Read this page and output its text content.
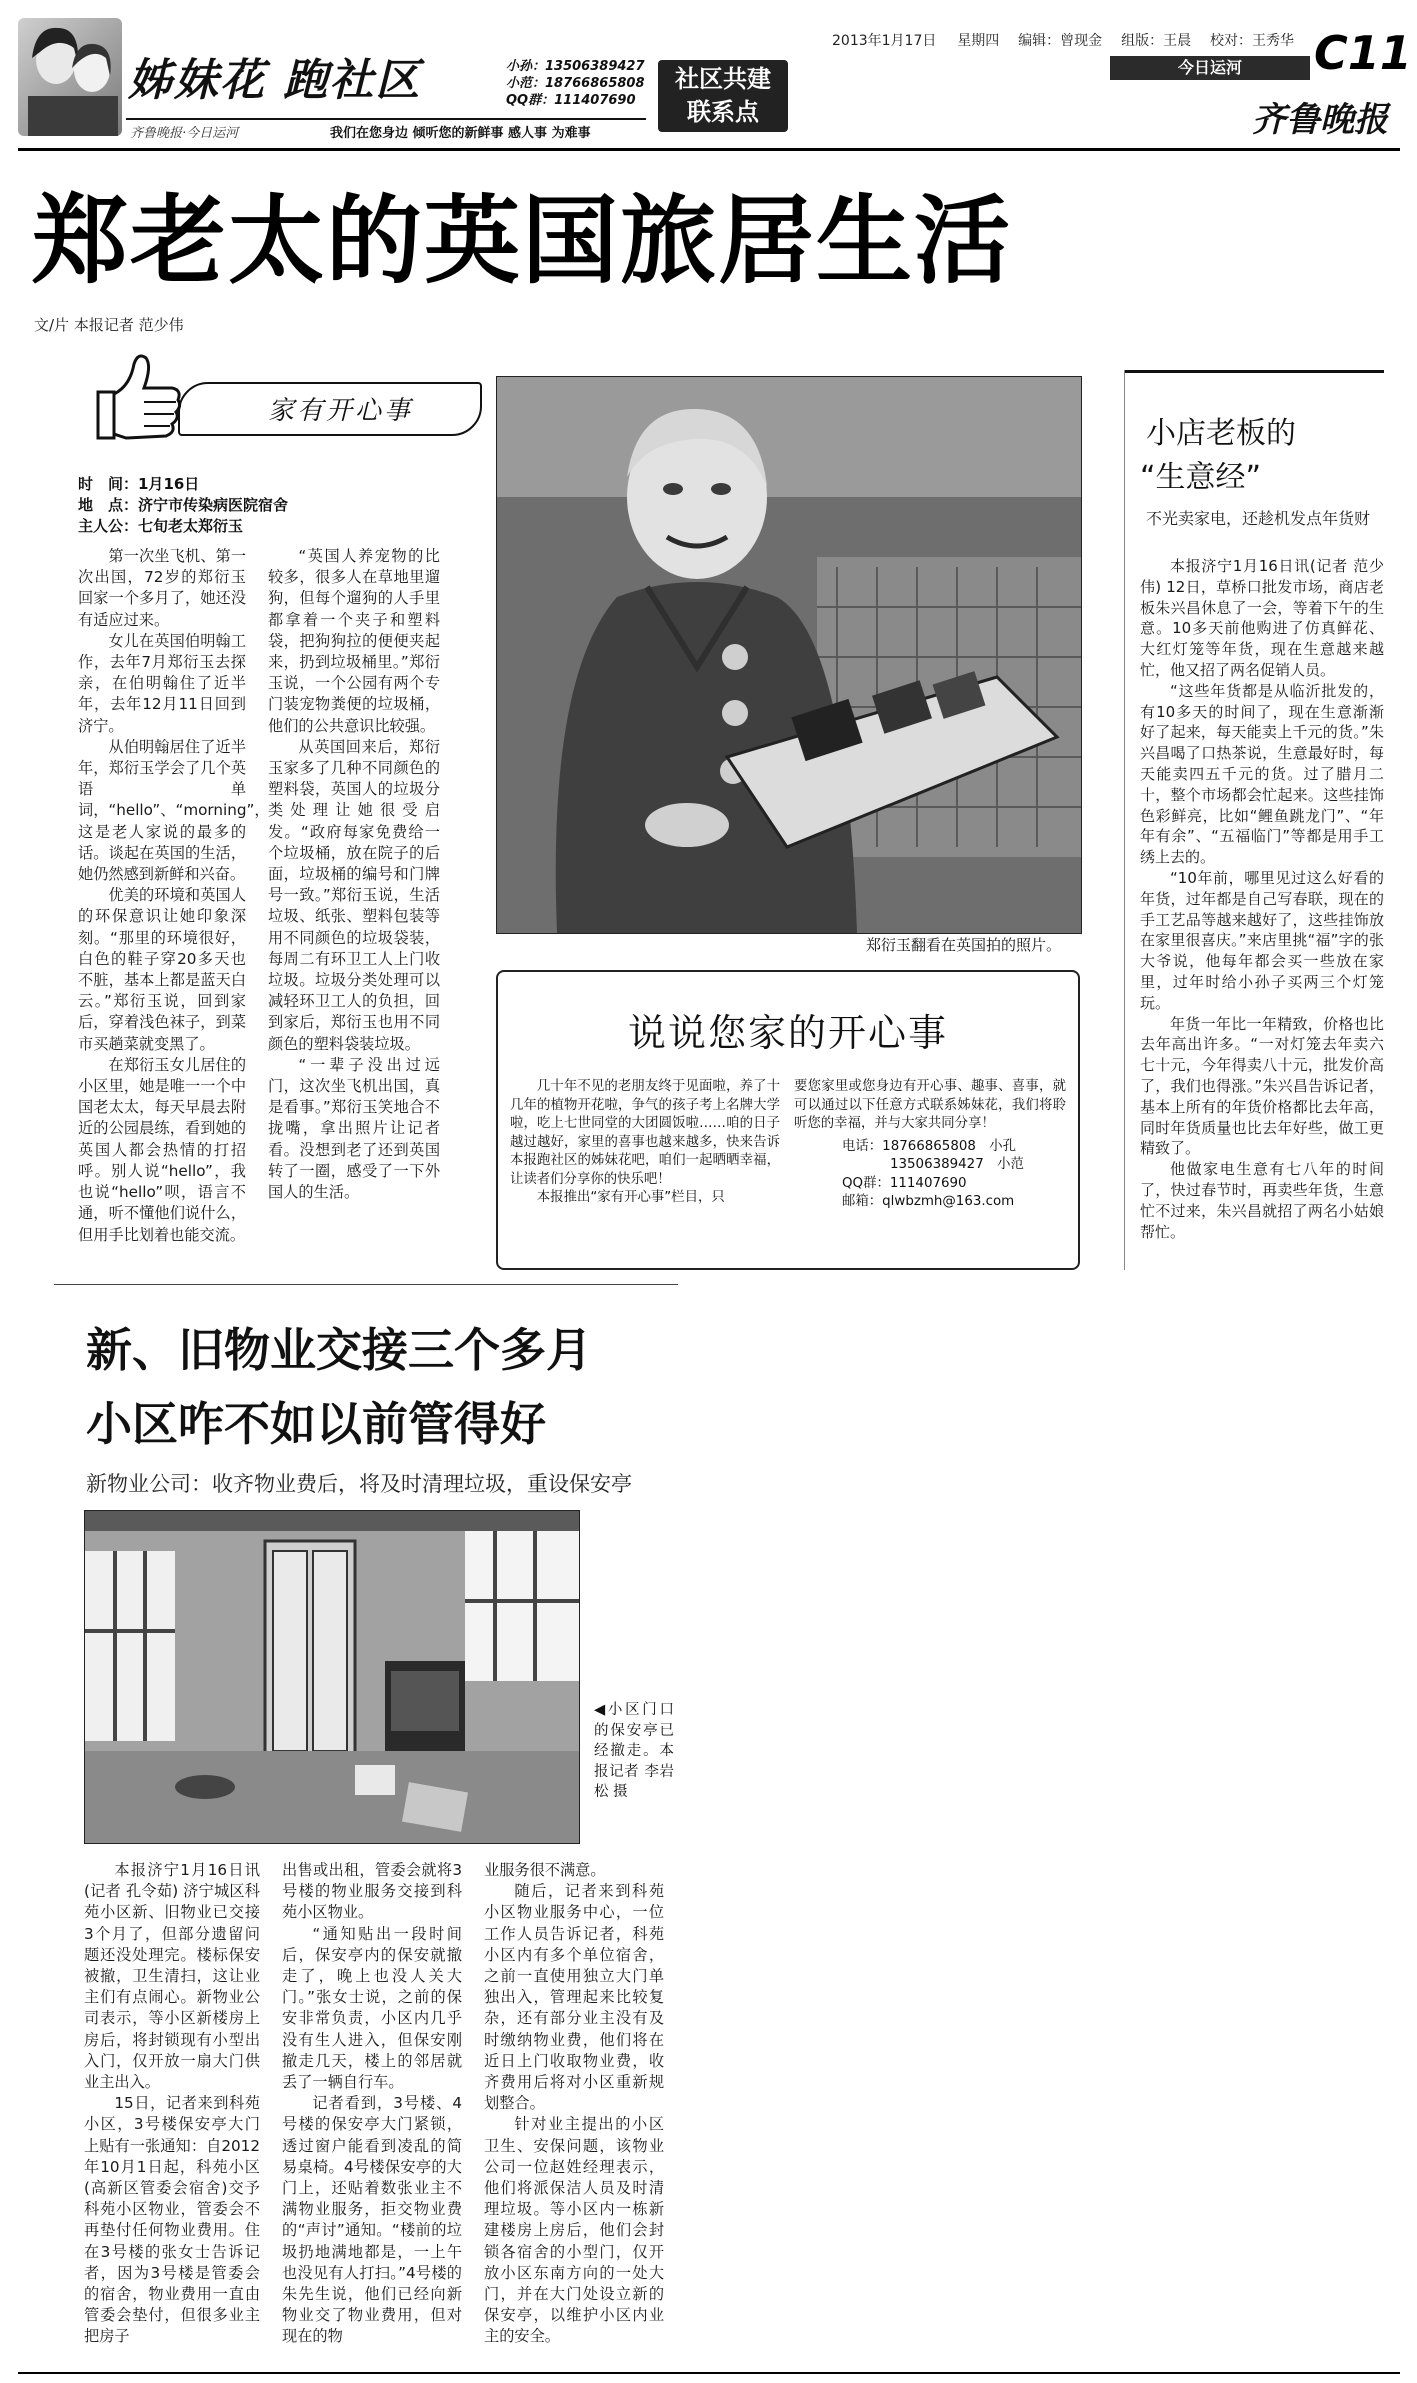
姊妹花 跑社区
齐鲁晚报·今日运河	我们在您身边 倾听您的新鲜事 感人事 为难事
小孙：13506389427
小范：18766865808
QQ群：111407690
社区共建
联系点
2013年1月17日 星期四 编辑：曾现金 组版：王晨 校对：王秀华
今日运河	C11
齐鲁晚报
郑老太的英国旅居生活
文/片 本报记者 范少伟
家有开心事
时　间：1月16日
地　点：济宁市传染病医院宿舍
主人公：七旬老太郑衍玉

第一次坐飞机、第一次出国，72岁的郑衍玉回家一个多月了，她还没有适应过来。

女儿在英国伯明翰工作，去年7月郑衍玉去探亲，在伯明翰住了近半年，去年12月11日回到济宁。

从伯明翰居住了近半年，郑衍玉学会了几个英语单词，“hello”、“morning”，这是老人家说的最多的话。谈起在英国的生活，她仍然感到新鲜和兴奋。

优美的环境和英国人的环保意识让她印象深刻。“那里的环境很好，白色的鞋子穿20多天也不脏，基本上都是蓝天白云。”郑衍玉说，回到家后，穿着浅色袜子，到菜市买趟菜就变黑了。

在郑衍玉女儿居住的小区里，她是唯一一个中国老太太，每天早晨去附近的公园晨练，看到她的英国人都会热情的打招呼。别人说“hello”，我也说“hello”呗，语言不通，听不懂他们说什么，但用手比划着也能交流。

“英国人养宠物的比较多，很多人在草地里遛狗，但每个遛狗的人手里都拿着一个夹子和塑料袋，把狗狗拉的便便夹起来，扔到垃圾桶里。”郑衍玉说，一个公园有两个专门装宠物粪便的垃圾桶，他们的公共意识比较强。

从英国回来后，郑衍玉家多了几种不同颜色的塑料袋，英国人的垃圾分类处理让她很受启发。“政府每家免费给一个垃圾桶，放在院子的后面，垃圾桶的编号和门牌号一致。”郑衍玉说，生活垃圾、纸张、塑料包装等用不同颜色的垃圾袋装，每周二有环卫工人上门收垃圾。垃圾分类处理可以减轻环卫工人的负担，回到家后，郑衍玉也用不同颜色的塑料袋装垃圾。

“一辈子没出过远门，这次坐飞机出国，真是看事。”郑衍玉笑地合不拢嘴，拿出照片让记者看。没想到老了还到英国转了一圈，感受了一下外国人的生活。

郑衍玉翻看在英国拍的照片。
说说您家的开心事
几十年不见的老朋友终于见面啦，养了十几年的植物开花啦，争气的孩子考上名牌大学啦，吃上七世同堂的大团圆饭啦……咱的日子越过越好，家里的喜事也越来越多，快来告诉本报跑社区的姊妹花吧，咱们一起晒晒幸福，让读者们分享你的快乐吧！
本报推出“家有开心事”栏目，只
要您家里或您身边有开心事、趣事、喜事，就可以通过以下任意方式联系姊妹花，我们将聆听您的幸福，并与大家共同分享！
电话：18766865808　小孔
13506389427　小范
QQ群：111407690
邮箱：qlwbzmh@163.com
小店老板的
“生意经”
不光卖家电，还趁机发点年货财

本报济宁1月16日讯(记者 范少伟) 12日，草桥口批发市场，商店老板朱兴昌休息了一会，等着下午的生意。10多天前他购进了仿真鲜花、大红灯笼等年货，现在生意越来越忙，他又招了两名促销人员。

“这些年货都是从临沂批发的，有10多天的时间了，现在生意渐渐好了起来，每天能卖上千元的货。”朱兴昌喝了口热茶说，生意最好时，每天能卖四五千元的货。过了腊月二十，整个市场都会忙起来。这些挂饰色彩鲜亮，比如“鲤鱼跳龙门”、“年年有余”、“五福临门”等都是用手工绣上去的。

“10年前，哪里见过这么好看的年货，过年都是自己写春联，现在的手工艺品等越来越好了，这些挂饰放在家里很喜庆。”来店里挑“福”字的张大爷说，他每年都会买一些放在家里，过年时给小孙子买两三个灯笼玩。

年货一年比一年精致，价格也比去年高出许多。“一对灯笼去年卖六七十元，今年得卖八十元，批发价高了，我们也得涨。”朱兴昌告诉记者，基本上所有的年货价格都比去年高，同时年货质量也比去年好些，做工更精致了。

他做家电生意有七八年的时间了，快过春节时，再卖些年货，生意忙不过来，朱兴昌就招了两名小姑娘帮忙。

新、旧物业交接三个多月
小区咋不如以前管得好
新物业公司：收齐物业费后，将及时清理垃圾，重设保安亭
◀小区门口的保安亭已经撤走。本报记者 李岩松 摄

本报济宁1月16日讯(记者 孔令茹) 济宁城区科苑小区新、旧物业已交接3个月了，但部分遗留问题还没处理完。楼标保安被撤，卫生清扫，这让业主们有点闹心。新物业公司表示，等小区新楼房上房后，将封锁现有小型出入门，仅开放一扇大门供业主出入。

15日，记者来到科苑小区，3号楼保安亭大门上贴有一张通知：自2012年10月1日起，科苑小区(高新区管委会宿舍)交予科苑小区物业，管委会不再垫付任何物业费用。住在3号楼的张女士告诉记者，因为3号楼是管委会的宿舍，物业费用一直由管委会垫付，但很多业主把房子

出售或出租，管委会就将3号楼的物业服务交接到科苑小区物业。

“通知贴出一段时间后，保安亭内的保安就撤走了，晚上也没人关大门。”张女士说，之前的保安非常负责，小区内几乎没有生人进入，但保安刚撤走几天，楼上的邻居就丢了一辆自行车。

记者看到，3号楼、4号楼的保安亭大门紧锁，透过窗户能看到凌乱的简易桌椅。4号楼保安亭的大门上，还贴着数张业主不满物业服务，拒交物业费的“声讨”通知。“楼前的垃圾扔地满地都是，一上午也没见有人打扫。”4号楼的朱先生说，他们已经向新物业交了物业费用，但对现在的物

业服务很不满意。

随后，记者来到科苑小区物业服务中心，一位工作人员告诉记者，科苑小区内有多个单位宿舍，之前一直使用独立大门单独出入，管理起来比较复杂，还有部分业主没有及时缴纳物业费，他们将在近日上门收取物业费，收齐费用后将对小区重新规划整合。

针对业主提出的小区卫生、安保问题，该物业公司一位赵姓经理表示，他们将派保洁人员及时清理垃圾。等小区内一栋新建楼房上房后，他们会封锁各宿舍的小型门，仅开放小区东南方向的一处大门，并在大门处设立新的保安亭，以维护小区内业主的安全。
